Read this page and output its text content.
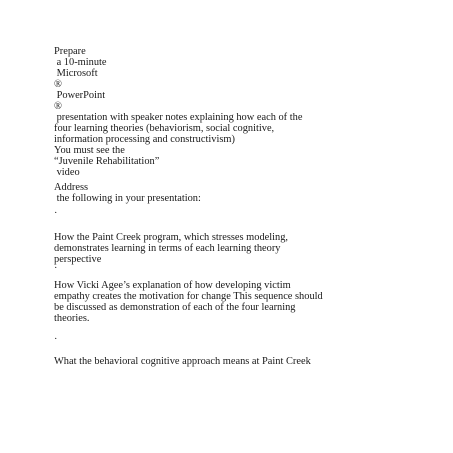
Prepare
a 10-minute
Microsoft
®
PowerPoint
®
presentation with speaker notes explaining how each of the
four learning theories (behaviorism, social cognitive,
information processing and constructivism)
You must see the
“Juvenile Rehabilitation”
video
Address
the following in your presentation:
·
How the Paint Creek program, which stresses modeling,
demonstrates learning in terms of each learning theory
perspective
·
How Vicki Agee’s explanation of how developing victim
empathy creates the motivation for change This sequence should
be discussed as demonstration of each of the four learning
theories.
·
What the behavioral cognitive approach means at Paint Creek
